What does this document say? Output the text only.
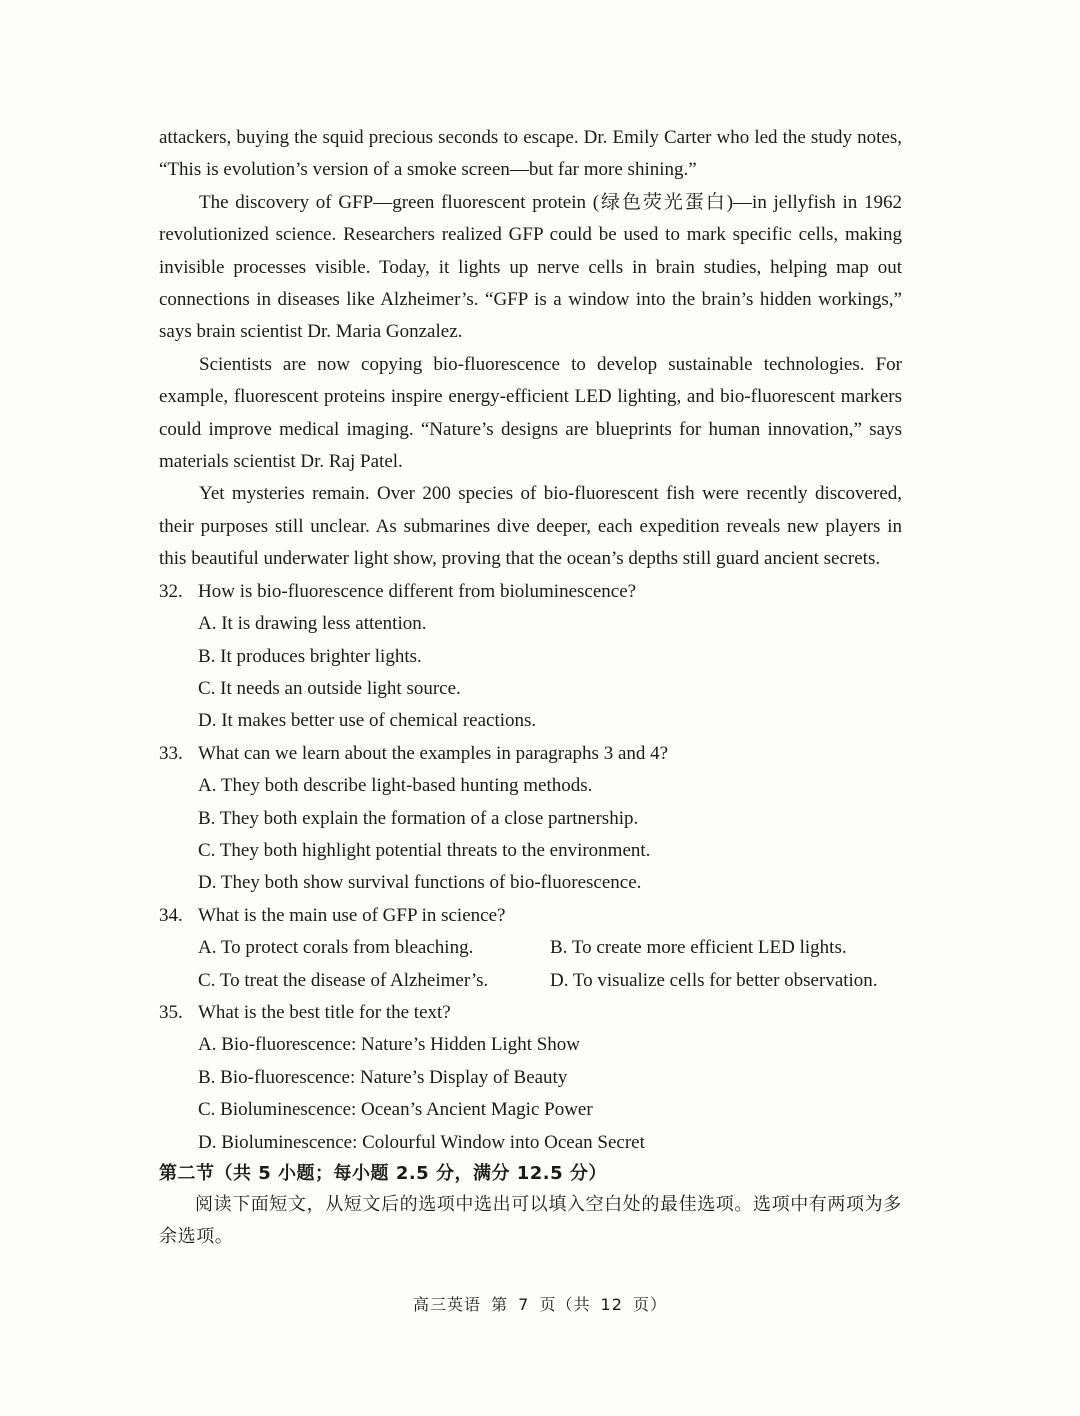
attackers, buying the squid precious seconds to escape. Dr. Emily Carter who led the study notes, “This is evolution’s version of a smoke screen—but far more shining.”

The discovery of GFP—green fluorescent protein (绿色荧光蛋白)—in jellyfish in 1962 revolutionized science. Researchers realized GFP could be used to mark specific cells, making invisible processes visible. Today, it lights up nerve cells in brain studies, helping map out connections in diseases like Alzheimer’s. “GFP is a window into the brain’s hidden workings,” says brain scientist Dr. Maria Gonzalez.

Scientists are now copying bio-fluorescence to develop sustainable technologies. For example, fluorescent proteins inspire energy-efficient LED lighting, and bio-fluorescent markers could improve medical imaging. “Nature’s designs are blueprints for human innovation,” says materials scientist Dr. Raj Patel.

Yet mysteries remain. Over 200 species of bio-fluorescent fish were recently discovered, their purposes still unclear. As submarines dive deeper, each expedition reveals new players in this beautiful underwater light show, proving that the ocean’s depths still guard ancient secrets.

32. How is bio-fluorescence different from bioluminescence?

A. It is drawing less attention.

B. It produces brighter lights.

C. It needs an outside light source.

D. It makes better use of chemical reactions.

33. What can we learn about the examples in paragraphs 3 and 4?

A. They both describe light-based hunting methods.

B. They both explain the formation of a close partnership.

C. They both highlight potential threats to the environment.

D. They both show survival functions of bio-fluorescence.

34. What is the main use of GFP in science?

A. To protect corals from bleaching.	B. To create more efficient LED lights.
C. To treat the disease of Alzheimer’s.	D. To visualize cells for better observation.

35. What is the best title for the text?

A. Bio-fluorescence: Nature’s Hidden Light Show

B. Bio-fluorescence: Nature’s Display of Beauty

C. Bioluminescence: Ocean’s Ancient Magic Power

D. Bioluminescence: Colourful Window into Ocean Secret

第二节（共 5 小题；每小题 2.5 分，满分 12.5 分）

阅读下面短文，从短文后的选项中选出可以填入空白处的最佳选项。选项中有两项为多余选项。

高三英语 第 7 页（共 12 页）
